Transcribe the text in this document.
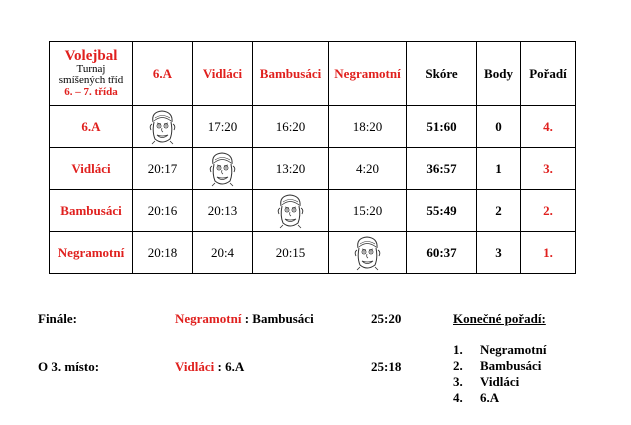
Volejbal
Turnaj
smíšených tříd
6. – 7. třída	6.A	Vidláci	Bambusáci	Negramotní	Skóre	Body	Pořadí
6.A		17:20	16:20	18:20	51:60	0	4.
Vidláci	20:17		13:20	4:20	36:57	1	3.
Bambusáci	20:16	20:13		15:20	55:49	2	2.
Negramotní	20:18	20:4	20:15		60:37	3	1.
Finále:	Negramotní : Bambusáci	25:20
O 3. místo:	Vidláci : 6.A	25:18
Konečné pořadí:
1. Negramotní
2. Bambusáci
3. Vidláci
4. 6.A
